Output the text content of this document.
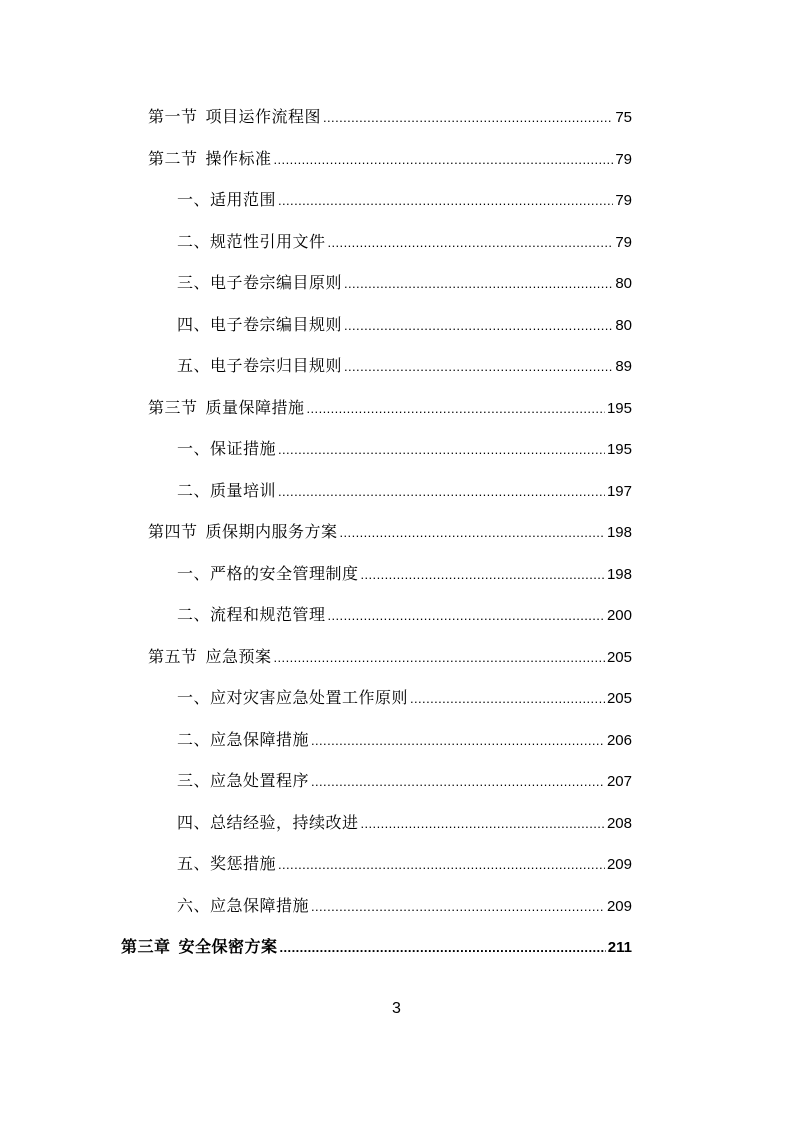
第一节 项目运作流程图 .....	75
第二节 操作标准 .....	79
一、适用范围 .....	79
二、规范性引用文件 .....	79
三、电子卷宗编目原则 .....	80
四、电子卷宗编目规则 .....	80
五、电子卷宗归目规则 .....	89
第三节 质量保障措施 .....	195
一、保证措施 .....	195
二、质量培训 .....	197
第四节 质保期内服务方案 .....	198
一、严格的安全管理制度 .....	198
二、流程和规范管理 .....	200
第五节 应急预案 .....	205
一、应对灾害应急处置工作原则 .....	205
二、应急保障措施 .....	206
三、应急处置程序 .....	207
四、总结经验，持续改进 .....	208
五、奖惩措施 .....	209
六、应急保障措施 .....	209
第三章 安全保密方案 .....	211
3
